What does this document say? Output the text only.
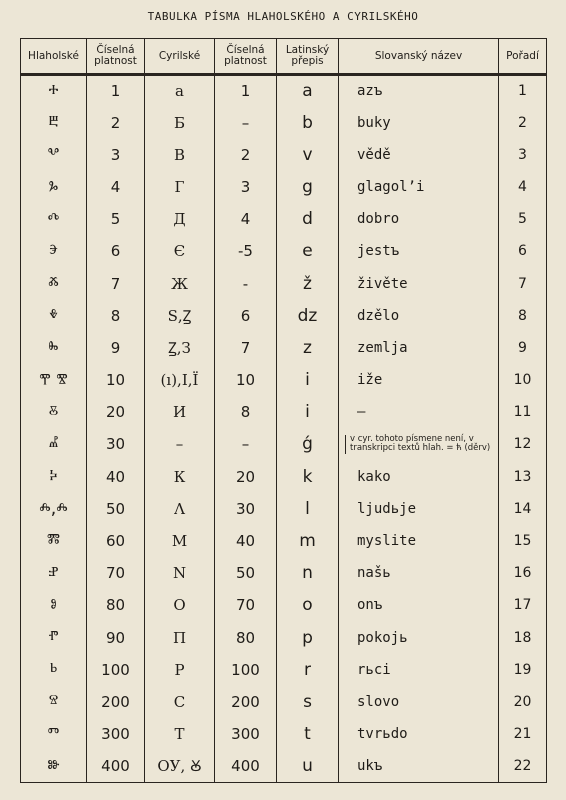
TABULKA PÍSMA HLAHOLSKÉHO A CYRILSKÉHO
Hlaholské	Číselná platnost	Cyrilské	Číselná platnost	Latinský přepis	Slovanský název	Pořadí
ⰰ	1	а	1	a	azъ	1
ⰱ	2	Б	–	b	buky	2
ⰲ	3	В	2	v	vědě	3
ⰳ	4	Г	3	g	glagolʼi	4
ⰴ	5	Д	4	d	dobro	5
ⰵ	6	Є	-5	e	jestъ	6
ⰶ	7	Ж	-	ž	živěte	7
ⰷ	8	Ѕ,Ꙁ	6	dz	dzělo	8
ⰸ	9	Ꙁ,З	7	z	zemlja	9
ⰹ ⰺ	10	(ı),І,Ї	10	i	iže	10
ⰻ	20	И	8	i	–	11
ⰼ	30	–	–	ǵ	v cyr. tohoto písmene není, v transkripci textů hlah. = ћ (děrv)	12
ⰽ	40	К	20	k	kako	13
ⰾ,ⰾ	50	Λ	30	l	ljudьje	14
ⰿ	60	М	40	m	myslite	15
ⱀ	70	N	50	n	našь	16
ⱁ	80	О	70	o	onъ	17
ⱂ	90	П	80	p	pokojь	18
ⱃ	100	Ρ	100	r	rьci	19
ⱄ	200	С	200	s	slovo	20
ⱅ	300	Т	300	t	tvrьdo	21
ⱆ	400	ОУ, Ꙋ	400	u	ukъ	22
